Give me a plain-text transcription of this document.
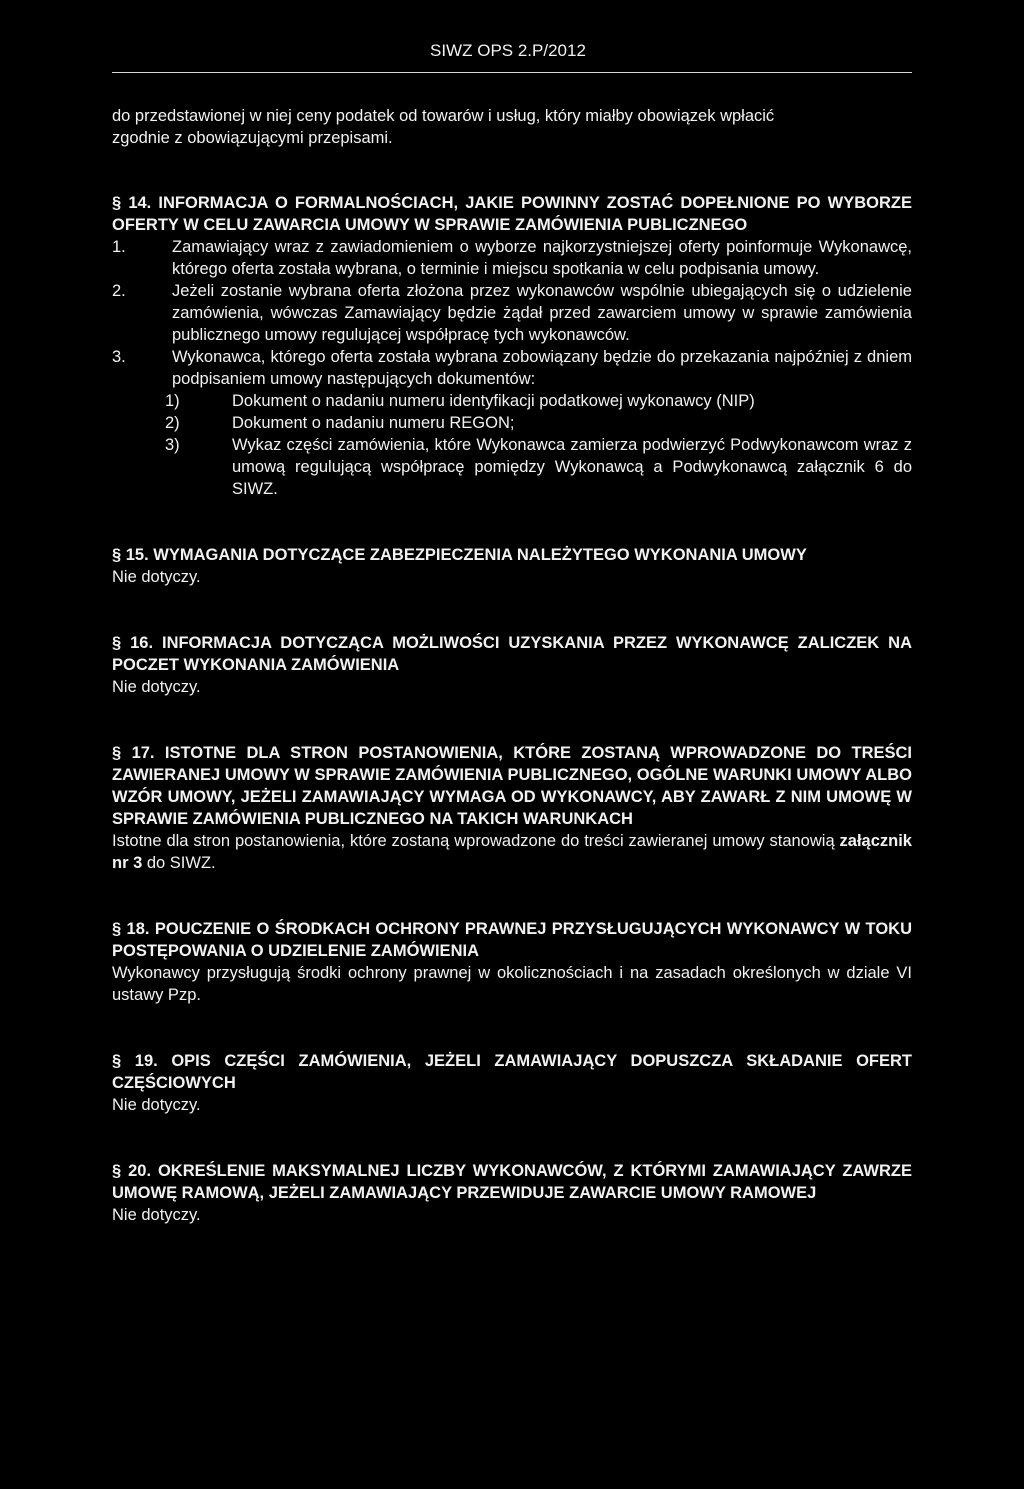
SIWZ OPS 2.P/2012

do przedstawionej w niej ceny podatek od towarów i usług, który miałby obowiązek wpłacić

zgodnie z obowiązującymi przepisami.

§ 14. INFORMACJA O FORMALNOŚCIACH, JAKIE POWINNY ZOSTAĆ DOPEŁNIONE PO WYBORZE OFERTY W CELU ZAWARCIA UMOWY W SPRAWIE ZAMÓWIENIA PUBLICZNEGO

1.	Zamawiający wraz z zawiadomieniem o wyborze najkorzystniejszej oferty poinformuje Wykonawcę, którego oferta została wybrana, o terminie i miejscu spotkania w celu podpisania umowy.
2.	Jeżeli zostanie wybrana oferta złożona przez wykonawców wspólnie ubiegających się o udzielenie zamówienia, wówczas Zamawiający będzie żądał przed zawarciem umowy w sprawie zamówienia publicznego umowy regulującej współpracę tych wykonawców.
3.	Wykonawca, którego oferta została wybrana zobowiązany będzie do przekazania najpóźniej z dniem podpisaniem umowy następujących dokumentów:
1)	Dokument o nadaniu numeru identyfikacji podatkowej wykonawcy (NIP)
2)	Dokument o nadaniu numeru REGON;
3)	Wykaz części zamówienia, które Wykonawca zamierza podwierzyć Podwykonawcom wraz z umową regulującą współpracę pomiędzy Wykonawcą a Podwykonawcą załącznik 6 do SIWZ.

§ 15. WYMAGANIA DOTYCZĄCE ZABEZPIECZENIA NALEŻYTEGO WYKONANIA UMOWY

Nie dotyczy.

§ 16. INFORMACJA DOTYCZĄCA MOŻLIWOŚCI UZYSKANIA PRZEZ WYKONAWCĘ ZALICZEK NA POCZET WYKONANIA ZAMÓWIENIA

Nie dotyczy.

§ 17. ISTOTNE DLA STRON POSTANOWIENIA, KTÓRE ZOSTANĄ WPROWADZONE DO TREŚCI ZAWIERANEJ UMOWY W SPRAWIE ZAMÓWIENIA PUBLICZNEGO, OGÓLNE WARUNKI UMOWY ALBO WZÓR UMOWY, JEŻELI ZAMAWIAJĄCY WYMAGA OD WYKONAWCY, ABY ZAWARŁ Z NIM UMOWĘ W SPRAWIE ZAMÓWIENIA PUBLICZNEGO NA TAKICH WARUNKACH

Istotne dla stron postanowienia, które zostaną wprowadzone do treści zawieranej umowy stanowią załącznik nr 3 do SIWZ.

§ 18. POUCZENIE O ŚRODKACH OCHRONY PRAWNEJ PRZYSŁUGUJĄCYCH WYKONAWCY W TOKU POSTĘPOWANIA O UDZIELENIE ZAMÓWIENIA

Wykonawcy przysługują środki ochrony prawnej w okolicznościach i na zasadach określonych w dziale VI ustawy Pzp.

§ 19. OPIS CZĘŚCI ZAMÓWIENIA, JEŻELI ZAMAWIAJĄCY DOPUSZCZA SKŁADANIE OFERT CZĘŚCIOWYCH

Nie dotyczy.

§ 20. OKREŚLENIE MAKSYMALNEJ LICZBY WYKONAWCÓW, Z KTÓRYMI ZAMAWIAJĄCY ZAWRZE UMOWĘ RAMOWĄ, JEŻELI ZAMAWIAJĄCY PRZEWIDUJE ZAWARCIE UMOWY RAMOWEJ

Nie dotyczy.
